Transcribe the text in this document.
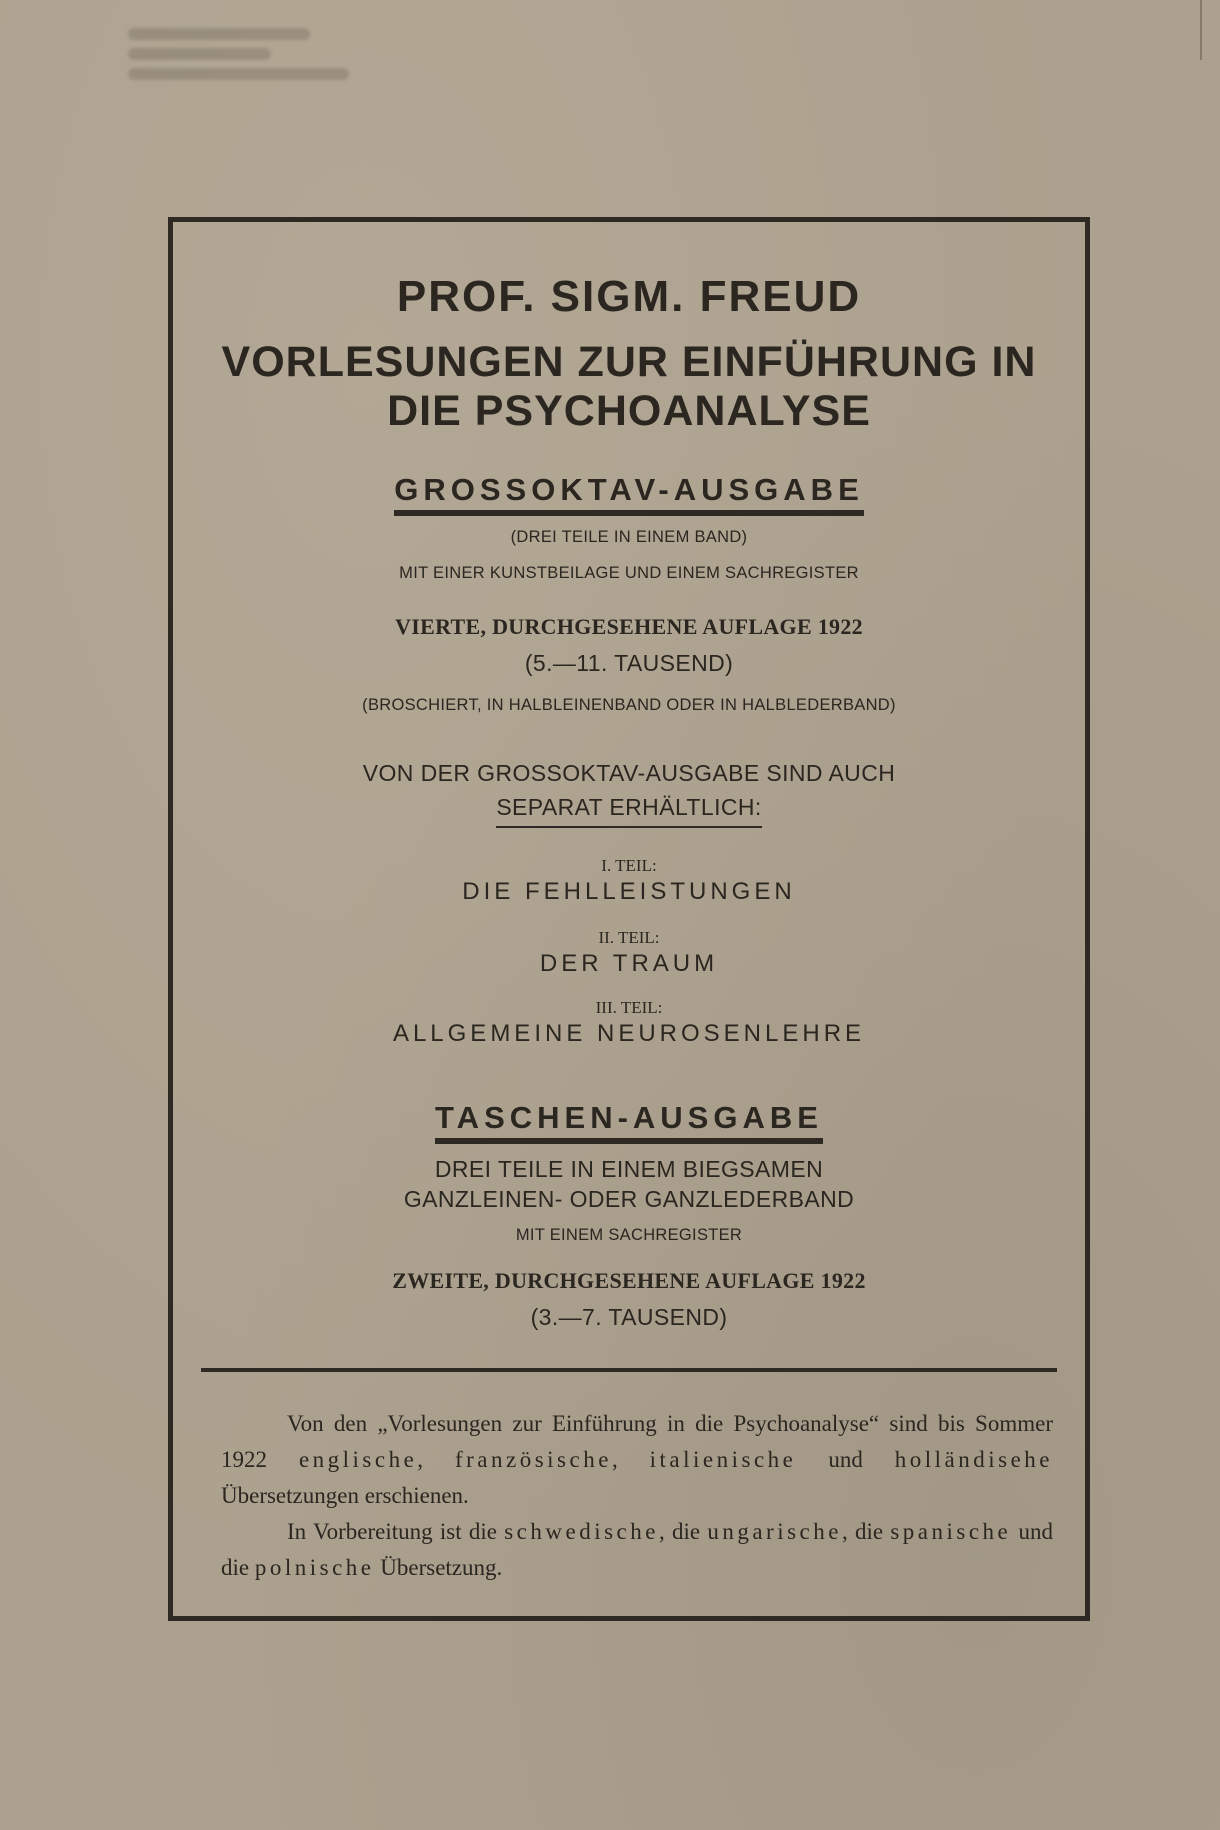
PROF. SIGM. FREUD
VORLESUNGEN ZUR EINFÜHRUNG IN
DIE PSYCHOANALYSE
GROSSOKTAV-AUSGABE
(DREI TEILE IN EINEM BAND)
MIT EINER KUNSTBEILAGE UND EINEM SACHREGISTER
VIERTE, DURCHGESEHENE AUFLAGE 1922
(5.—11. TAUSEND)
(BROSCHIERT, IN HALBLEINENBAND ODER IN HALBLEDERBAND)
VON DER GROSSOKTAV-AUSGABE SIND AUCH
SEPARAT ERHÄLTLICH:
I. TEIL:
DIE FEHLLEISTUNGEN
II. TEIL:
DER TRAUM
III. TEIL:
ALLGEMEINE NEUROSENLEHRE
TASCHEN-AUSGABE
DREI TEILE IN EINEM BIEGSAMEN
GANZLEINEN- ODER GANZLEDERBAND
MIT EINEM SACHREGISTER
ZWEITE, DURCHGESEHENE AUFLAGE 1922
(3.—7. TAUSEND)

Von den „Vorlesungen zur Einführung in die Psychoanalyse“ sind bis Sommer 1922 englische, französische, italienische und holländisehe Übersetzungen erschienen.

In Vorbereitung ist die schwedische, die ungarische, die spanische und die polnische Übersetzung.
